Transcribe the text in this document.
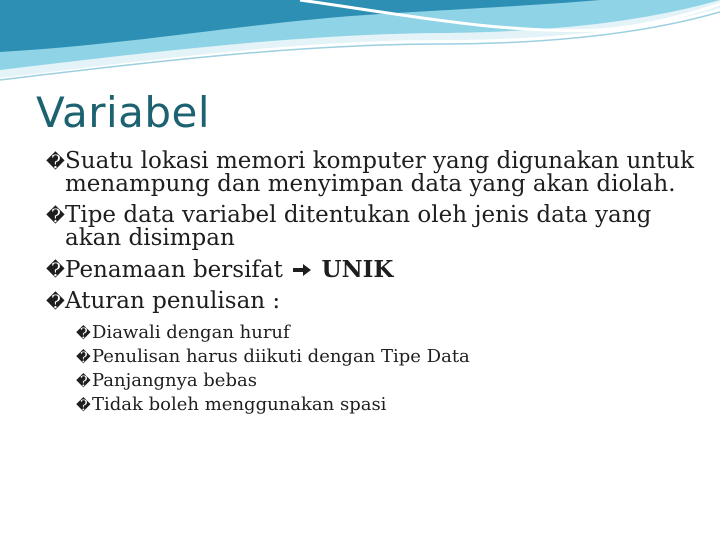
Variabel
� Suatu lokasi memori komputer yang digunakan untuk menampung dan menyimpan data yang akan diolah.
� Tipe data variabel ditentukan oleh jenis data yang akan disimpan
� Penamaan bersifat UNIK
� Aturan penulisan :
� Diawali dengan huruf
� Penulisan harus diikuti dengan Tipe Data
� Panjangnya bebas
� Tidak boleh menggunakan spasi
